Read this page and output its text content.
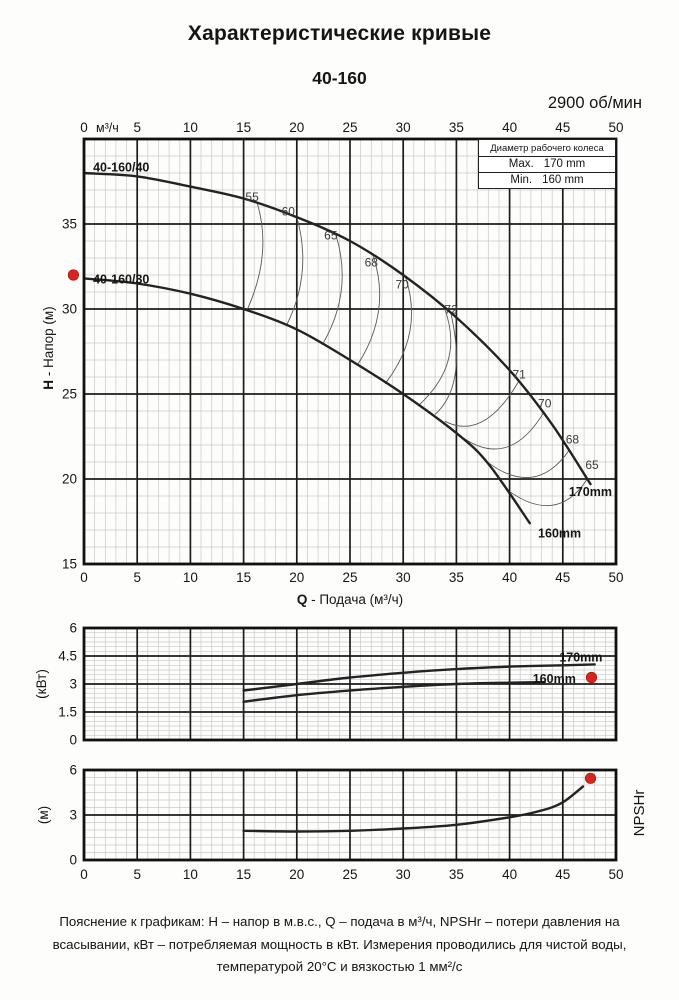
Характеристические кривые
40-160
2900 об/мин
0	5	10	15	20	25	30	35	40	45	50
м³/ч
0	5	10	15	20	25	30	35	40	45	50
15
20
25
30
35
40-160/40
40-160/30
170mm
160mm
55
60
65
68
70
72
71
70
68
65
Q - Подача (м³/ч)
H - Напор (м)
0
1.5
3
4.5
6
170mm
160mm
(кВт)
0	5	10	15	20	25	30	35	40	45	50
0
3
6
(м)	NPSHr
Диаметр рабочего колеса
Max. 170 mm
Min. 160 mm
Пояснение к графикам: H – напор в м.в.с., Q – подача в м³/ч, NPSHr – потери давления на всасывании, кВт – потребляемая мощность в кВт. Измерения проводились для чистой воды, температурой 20°C и вязкостью 1 мм²/с
